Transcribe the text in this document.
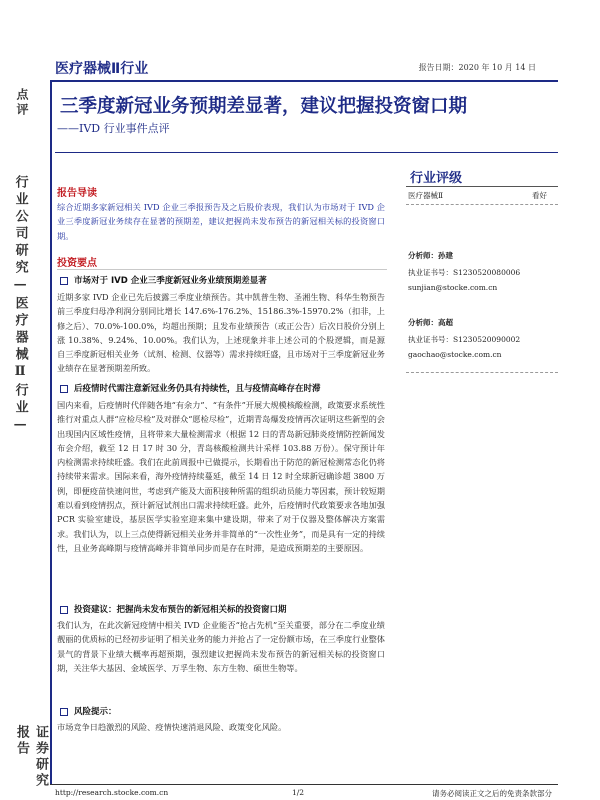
医疗器械Ⅱ行业	报告日期：2020 年 10 月 14 日
点评
行业公司研究—医疗器械Ⅱ行业—
证券研究报告
三季度新冠业务预期差显著，建议把握投资窗口期
——IVD 行业事件点评
报告导读
综合近期多家新冠相关 IVD 企业三季报预告及之后股价表现，我们认为市场对于 IVD 企业三季度新冠业务续存在显著的预期差，建议把握尚未发布预告的新冠相关标的投资窗口期。
投资要点
市场对于 IVD 企业三季度新冠业务业绩预期差显著
近期多家 IVD 企业已先后披露三季度业绩预告。其中凯普生物、圣湘生物、科华生物预告前三季度归母净利润分别同比增长 147.6%-176.2%、15186.3%-15970.2%（扣非，上修之后）、70.0%-100.0%，均超出预期；且发布业绩预告（或正公告）后次日股价分别上涨 10.38%、9.24%、10.00%。我们认为，上述现象并非上述公司的个股逻辑，而是源自三季度新冠相关业务（试剂、检测、仪器等）需求持续旺盛，且市场对于三季度新冠业务业绩存在显著预期差所致。
后疫情时代需注意新冠业务仍具有持续性，且与疫情高峰存在时滞
国内来看，后疫情时代伴随各地“有余力”、“有条件”开展大规模核酸检测，政策要求系统性推行对重点人群“应检尽检”及对群众“愿检尽检”，近期青岛爆发疫情再次证明这些新型的会出现国内区域性疫情，且将带来大量检测需求（根据 12 日的青岛新冠肺炎疫情防控新闻发布会介绍，截至 12 日 17 时 30 分，青岛核酸检测共计采样 103.88 万份）。保守预计年内检测需求持续旺盛。我们在此前周报中已做提示，长期看出于防范的新冠检测常态化仍将持续带来需求。国际来看，海外疫情持续蔓延，截至 14 日 12 时全球新冠确诊超 3800 万例，即便疫苗快速问世，考虑到产能及大面积接种所需的组织动员能力等因素，预计较短期难以看到疫情拐点，预计新冠试剂出口需求持续旺盛。此外，后疫情时代政策要求各地加强 PCR 实验室建设，基层医学实验室迎来集中建设期，带来了对于仪器及整体解决方案需求。我们认为，以上三点使得新冠相关业务并非简单的“一次性业务”，而是具有一定的持续性，且业务高峰期与疫情高峰并非简单同步而是存在时滞，是造成预期差的主要原因。
投资建议：把握尚未发布预告的新冠相关标的投资窗口期
我们认为，在此次新冠疫情中相关 IVD 企业能否“抢占先机”至关重要，部分在二季度业绩靓丽的优质标的已经初步证明了相关业务的能力并抢占了一定份额市场，在三季度行业整体景气的背景下业绩大概率再超预期，强烈建议把握尚未发布预告的新冠相关标的投资窗口期，关注华大基因、金域医学、万孚生物、东方生物、硕世生物等。
风险提示：
市场竞争日趋激烈的风险、疫情快速消退风险、政策变化风险。
行业评级
医疗器械Ⅱ	看好
分析师：孙建
执业证书号：S1230520080006
sunjian@stocke.com.cn
分析师：高超
执业证书号：S1230520090002
gaochao@stocke.com.cn
http://research.stocke.com.cn	1/2	请务必阅读正文之后的免责条款部分
